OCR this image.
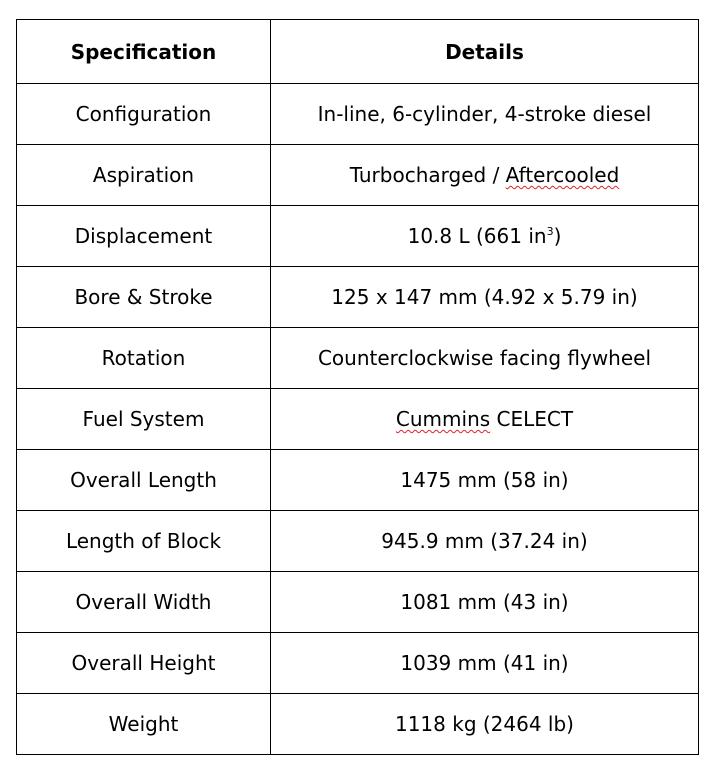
Specification	Details
Configuration	In-line, 6-cylinder, 4-stroke diesel
Aspiration	Turbocharged / Aftercooled
Displacement	10.8 L (661 $in^3$)
Bore & Stroke	125 x 147 mm (4.92 x 5.79 in)
Rotation	Counterclockwise facing flywheel
Fuel System	Cummins CELECT
Overall Length	1475 mm (58 in)
Length of Block	945.9 mm (37.24 in)
Overall Width	1081 mm (43 in)
Overall Height	1039 mm (41 in)
Weight	1118 kg (2464 lb)
